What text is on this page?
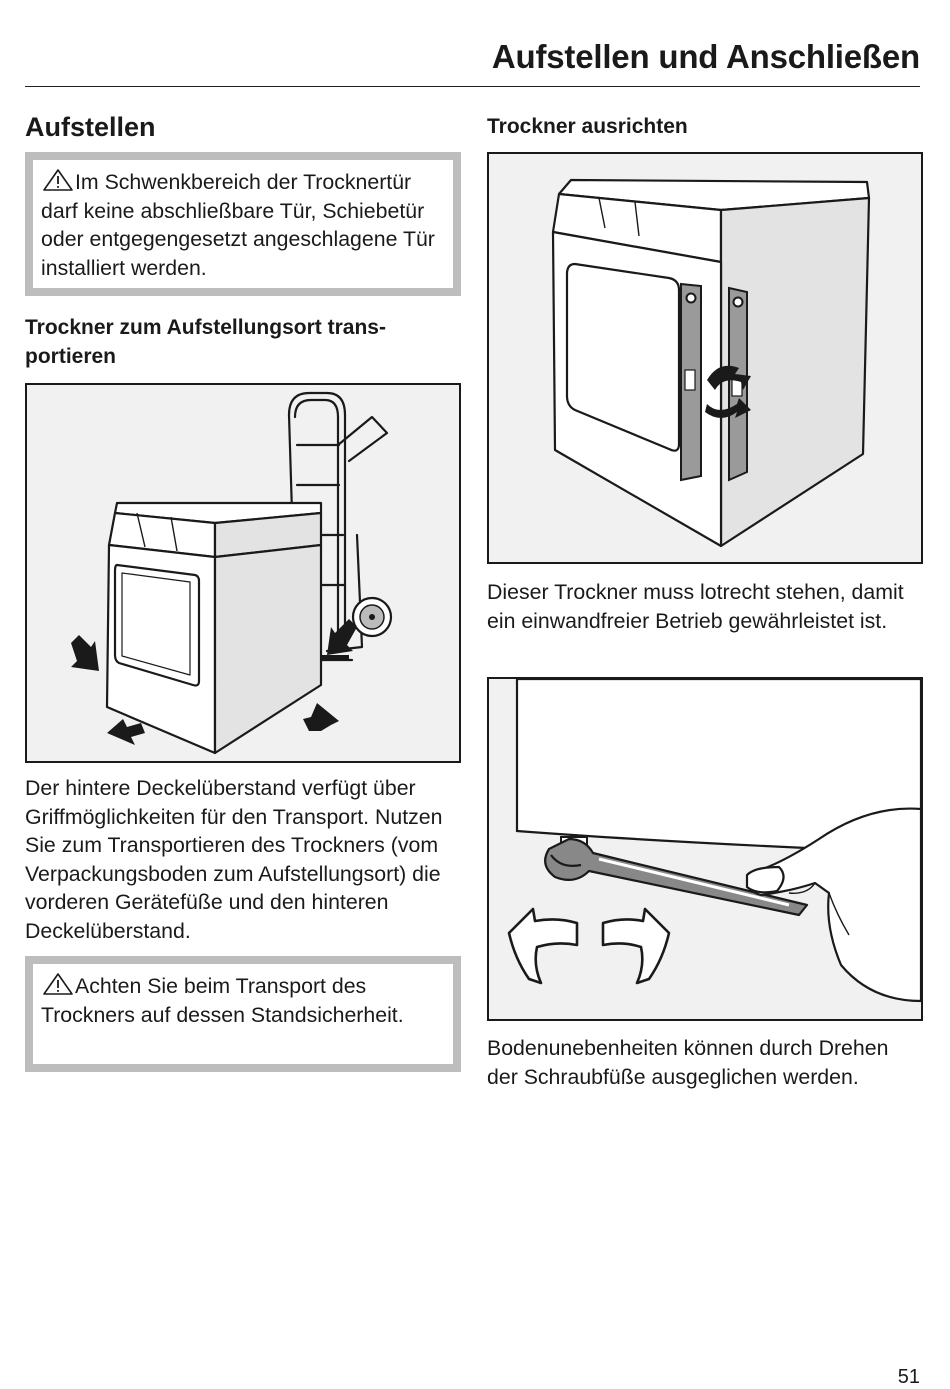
Aufstellen und Anschließen
Aufstellen
Im Schwenkbereich der Trocknertür darf keine abschließbare Tür, Schiebetür oder entgegengesetzt angeschlagene Tür installiert werden.
Trockner zum Aufstellungsort transportieren
Der hintere Deckelüberstand verfügt über Griffmöglichkeiten für den Transport. Nutzen Sie zum Transportieren des Trockners (vom Verpackungsboden zum Aufstellungsort) die vorderen Gerätefüße und den hinteren Deckelüberstand.
Achten Sie beim Transport des Trockners auf dessen Standsicherheit.
Trockner ausrichten
Dieser Trockner muss lotrecht stehen, damit ein einwandfreier Betrieb gewährleistet ist.
Bodenunebenheiten können durch Drehen der Schraubfüße ausgeglichen werden.
51
